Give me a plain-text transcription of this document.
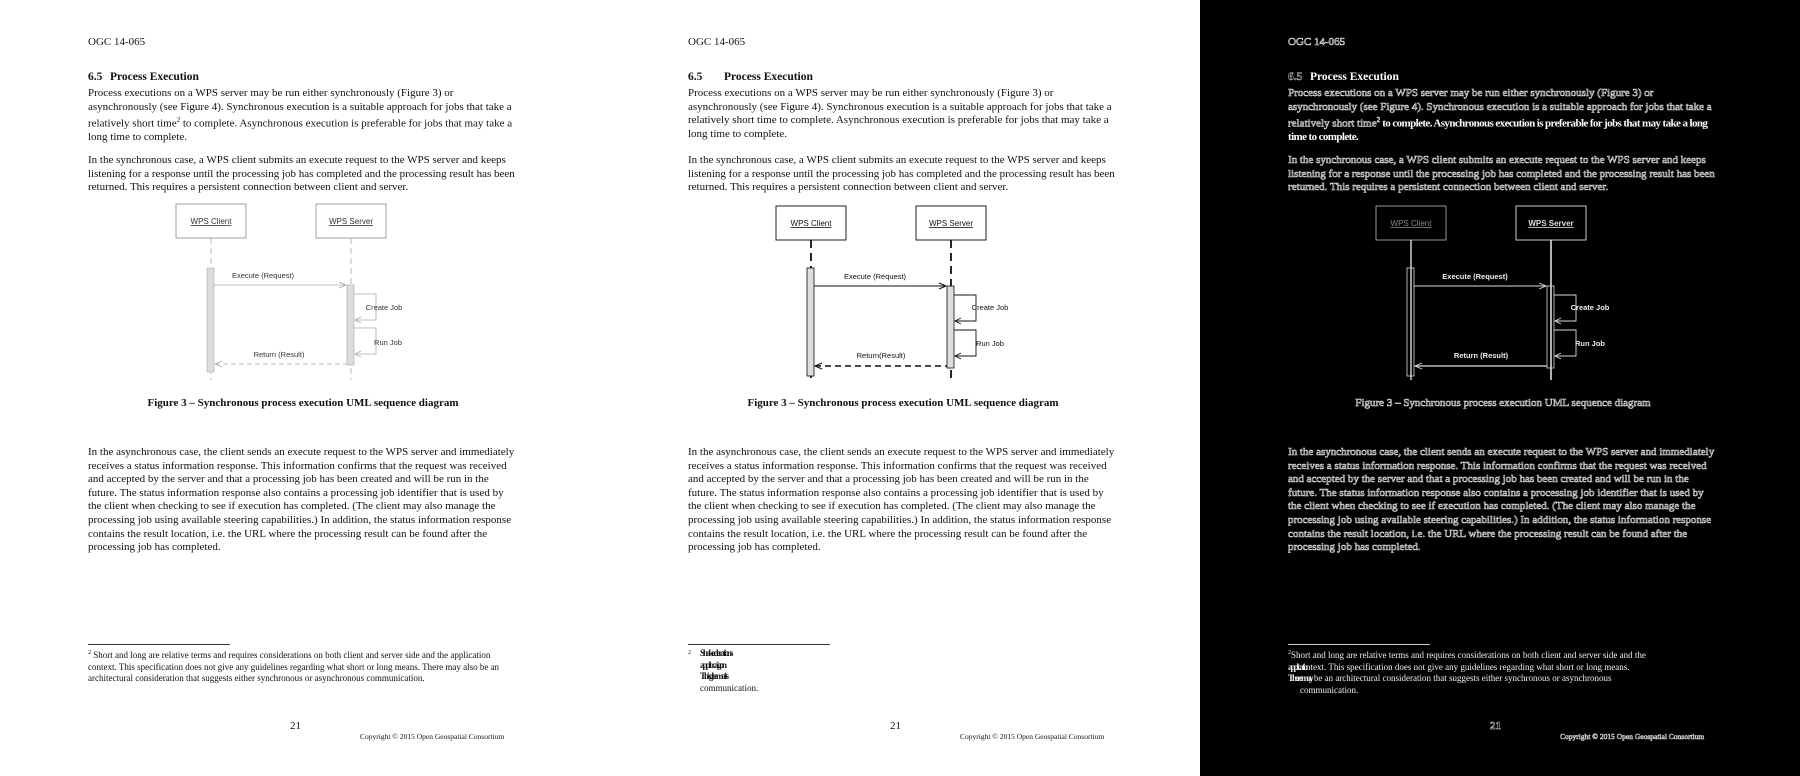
OGC 14-065
6.5 Process Execution
Process executions on a WPS server may be run either synchronously (Figure 3) or asynchronously (see Figure 4). Synchronous execution is a suitable approach for jobs that take a relatively short time$^2$ to complete. Asynchronous execution is preferable for jobs that may take a long time to complete.
In the synchronous case, a WPS client submits an execute request to the WPS server and keeps listening for a response until the processing job has completed and the processing result has been returned. This requires a persistent connection between client and server.
WPS Client	WPS Server
Execute (Request)
Create Job
Run Job
Return (Result)
Figure 3 – Synchronous process execution UML sequence diagram
In the asynchronous case, the client sends an execute request to the WPS server and immediately receives a status information response. This information confirms that the request was received and accepted by the server and that a processing job has been created and will be run in the future. The status information response also contains a processing job identifier that is used by the client when checking to see if execution has completed. (The client may also manage the processing job using available steering capabilities.) In addition, the status information response contains the result location, i.e. the URL where the processing result can be found after the processing job has completed.
$^2$ Short and long are relative terms and requires considerations on both client and server side and the application context. This specification does not give any guidelines regarding what short or long means. There may also be an architectural consideration that suggests either synchronous or asynchronous communication.
21
Copyright © 2015 Open Geospatial Consortium
OGC 14-065
6.5 Process Execution
Process executions on a WPS server may be run either synchronously (Figure 3) or asynchronously (see Figure 4). Synchronous execution is a suitable approach for jobs that take a relatively short time to complete. Asynchronous execution is preferable for jobs that may take a long time to complete.
In the synchronous case, a WPS client submits an execute request to the WPS server and keeps listening for a response until the processing job has completed and the processing result has been returned. This requires a persistent connection between client and server.
WPS Client	WPS Server
Execute (Request)
Create Job
Run Job
Return(Result)
Figure 3 – Synchronous process execution UML sequence diagram
In the asynchronous case, the client sends an execute request to the WPS server and immediately receives a status information response. This information confirms that the request was received and accepted by the server and that a processing job has been created and will be run in the future. The status information response also contains a processing job identifier that is used by the client when checking to see if execution has completed. (The client may also manage the processing job using available steering capabilities.) In addition, the status information response contains the result location, i.e. the URL where the processing result can be found after the processing job has completed.
2 Shakederations
appliocaigon
Thisgleemaits
communication.
21
Copyright © 2015 Open Geospatial Consortium
OGC 14-065
6.5 Process Execution
Process executions on a WPS server may be run either synchronously (Figure 3) or asynchronously (see Figure 4). Synchronous execution is a suitable approach for jobs that take a relatively short time$^2$ to complete. Asynchronous execution is preferable for jobs that may take a long time to complete.
In the synchronous case, a WPS client submits an execute request to the WPS server and keeps listening for a response until the processing job has completed and the processing result has been returned. This requires a persistent connection between client and server.
WPS Client	WPS Server
Execute (Request)
Create Job
Run Job
Return (Result)
Figure 3 – Synchronous process execution UML sequence diagram
In the asynchronous case, the client sends an execute request to the WPS server and immediately receives a status information response. This information confirms that the request was received and accepted by the server and that a processing job has been created and will be run in the future. The status information response also contains a processing job identifier that is used by the client when checking to see if execution has completed. (The client may also manage the processing job using available steering capabilities.) In addition, the status information response contains the result location, i.e. the URL where the processing result can be found after the processing job has completed.
$^2$Short and long are relative terms and requires considerations on both client and server side and the
applicationtext. This specification does not give any guidelines regarding what short or long means.
There may be an architectural consideration that suggests either synchronous or asynchronous
communication.
21
Copyright © 2015 Open Geospatial Consortium
